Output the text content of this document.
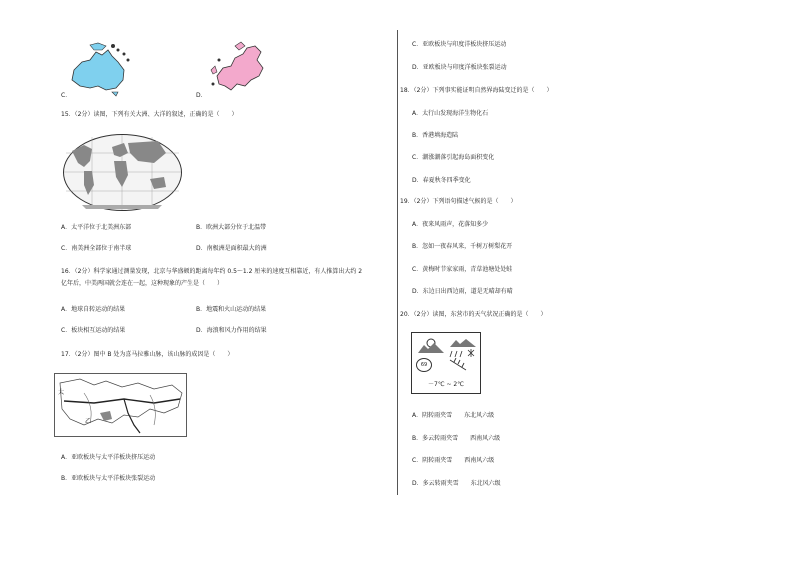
C．	D．
15．（2分）读图，下列有关大洲、大洋的叙述，正确的是（　　）
A．太平洋位于北美洲东部	B．欧洲大部分位于北温带
C．南美洲全部位于南半球	D．南极洲是面积最大的洲
16．（2分）科学家通过测量发现，北京与华盛顿的距离每年约 0.5～1.2 厘米的速度互相靠近，有人推算出大约 2
亿年后，中美两国就会连在一起，这种现象的产生是（　　）
A．地球自转运动的结果	B．地震和火山运动的结果
C．板块相互运动的结果	D．海浪和风力作用的结果
17．（2分）图中 B 处为喜马拉雅山脉，该山脉的成因是（　　）
太
乙
A．亚欧板块与太平洋板块挤压运动
B．亚欧板块与太平洋板块张裂运动
C．亚欧板块与印度洋板块挤压运动
D．亚欧板块与印度洋板块张裂运动
18．（2分）下列事实能证明自然界海陆变迁的是（　　）
A．太行山发现海洋生物化石
B．香港填海造陆
C．潮涨潮落引起海岛面积变化
D．春夏秋冬四季变化
19．（2分）下列语句描述气候的是（　　）
A．夜来风雨声，花落知多少
B．忽如一夜春风来，千树万树梨花开
C．黄梅时节家家雨，青草池塘处处蛙
D．东边日出西边雨，道是无晴却有晴
20．（2分）读图，东营市的天气状况正确的是（　　）
69
－7℃ ~ 2℃
A．阴转雨夹雪　　东北风六级
B．多云转雨夹雪　　西南风六级
C．阴转雨夹雪　　西南风六级
D．多云转雨夹雪　　东北风六级
